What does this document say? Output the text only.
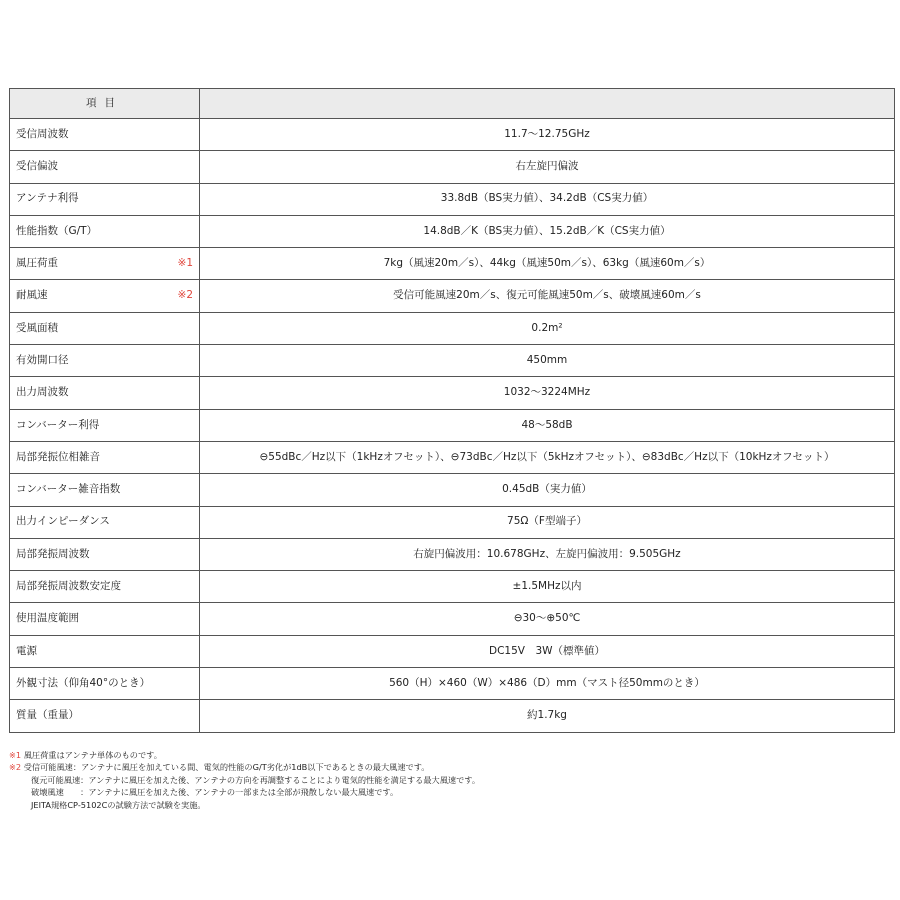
項目	
受信周波数	11.7～12.75GHz
受信偏波	右左旋円偏波
アンテナ利得	33.8dB（BS実力値）、34.2dB（CS実力値）
性能指数（G/T）	14.8dB／K（BS実力値）、15.2dB／K（CS実力値）
風圧荷重 ※1	7kg（風速20m／s）、44kg（風速50m／s）、63kg（風速60m／s）
耐風速 ※2	受信可能風速20m／s、復元可能風速50m／s、破壊風速60m／s
受風面積	0.2m²
有効開口径	450mm
出力周波数	1032～3224MHz
コンバーター利得	48～58dB
局部発振位相雑音	⊖55dBc／Hz以下（1kHzオフセット）、⊖73dBc／Hz以下（5kHzオフセット）、⊖83dBc／Hz以下（10kHzオフセット）
コンバーター雑音指数	0.45dB（実力値）
出力インピーダンス	75Ω（F型端子）
局部発振周波数	右旋円偏波用：10.678GHz、左旋円偏波用：9.505GHz
局部発振周波数安定度	±1.5MHz以内
使用温度範囲	⊖30～⊕50℃
電源	DC15V　3W（標準値）
外観寸法（仰角40°のとき）	560（H）×460（W）×486（D）mm（マスト径50mmのとき）
質量（重量）	約1.7kg
※1 風圧荷重はアンテナ単体のものです。
※2 受信可能風速：アンテナに風圧を加えている間、電気的性能のG/T劣化が1dB以下であるときの最大風速です。
復元可能風速：アンテナに風圧を加えた後、アンテナの方向を再調整することにより電気的性能を満足する最大風速です。
破壊風速　　：アンテナに風圧を加えた後、アンテナの一部または全部が飛散しない最大風速です。
JEITA規格CP-5102Cの試験方法で試験を実施。
